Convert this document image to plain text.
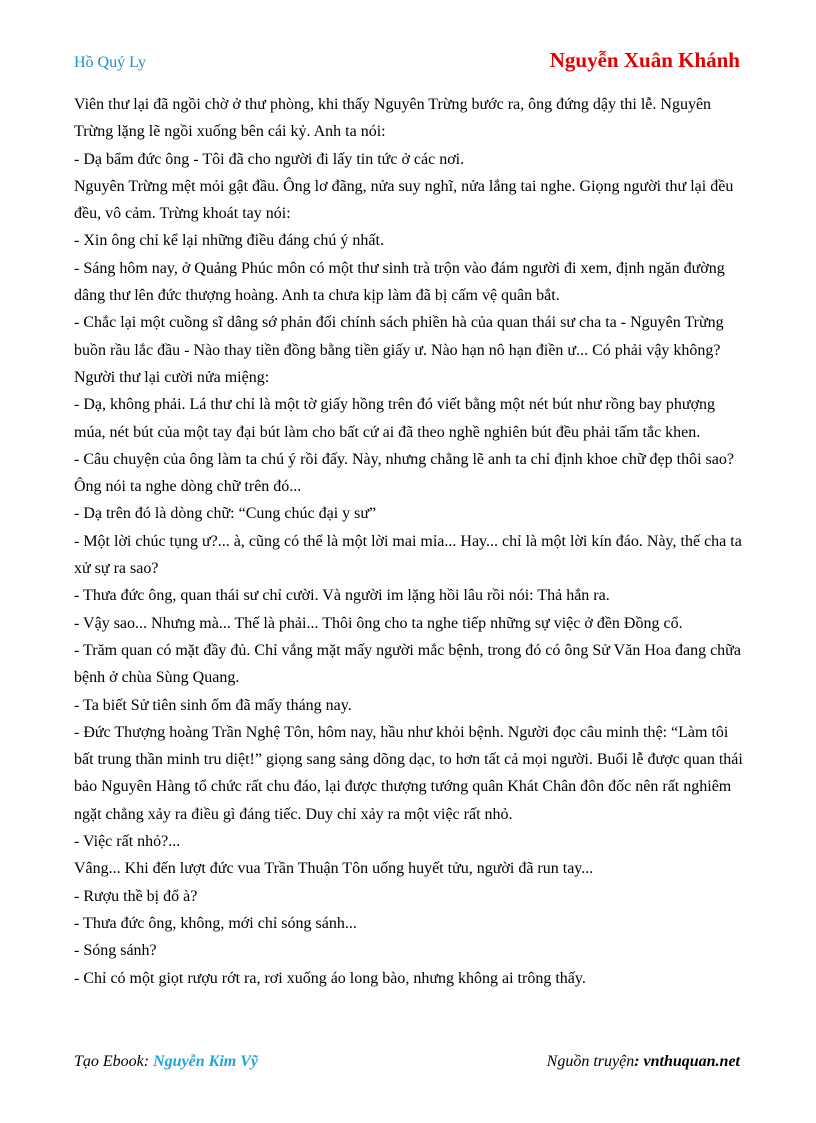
Hồ Quý Ly	Nguyễn Xuân Khánh

Viên thư lại đã ngồi chờ ở thư phòng, khi thấy Nguyên Trừng bước ra, ông đứng dậy thi lễ. Nguyên Trừng lặng lẽ ngồi xuống bên cái kỷ. Anh ta nói:

- Dạ bẩm đức ông - Tôi đã cho người đi lấy tin tức ở các nơi.

Nguyên Trừng mệt mỏi gật đầu. Ông lơ đãng, nửa suy nghĩ, nửa lắng tai nghe. Giọng người thư lại đều đều, vô cảm. Trừng khoát tay nói:

- Xin ông chỉ kể lại những điều đáng chú ý nhất.

- Sáng hôm nay, ở Quảng Phúc môn có một thư sinh trà trộn vào đám người đi xem, định ngăn đường dâng thư lên đức thượng hoàng. Anh ta chưa kịp làm đã bị cấm vệ quân bắt.

- Chắc lại một cuồng sĩ dâng sớ phản đối chính sách phiền hà của quan thái sư cha ta - Nguyên Trừng buồn rầu lắc đầu - Nào thay tiền đồng bằng tiền giấy ư. Nào hạn nô hạn điền ư... Có phải vậy không?

Người thư lại cười nửa miệng:

- Dạ, không phải. Lá thư chỉ là một tờ giấy hồng trên đó viết bằng một nét bút như rồng bay phượng múa, nét bút của một tay đại bút làm cho bất cứ ai đã theo nghề nghiên bút đều phải tấm tắc khen.

- Câu chuyện của ông làm ta chú ý rồi đấy. Này, nhưng chẳng lẽ anh ta chỉ định khoe chữ đẹp thôi sao? Ông nói ta nghe dòng chữ trên đó...

- Dạ trên đó là dòng chữ: “Cung chúc đại y sư”

- Một lời chúc tụng ư?... à, cũng có thể là một lời mai mỉa... Hay... chỉ là một lời kín đáo. Này, thế cha ta xử sự ra sao?

- Thưa đức ông, quan thái sư chỉ cười. Và người im lặng hồi lâu rồi nói: Thả hắn ra.

- Vậy sao... Nhưng mà... Thế là phải... Thôi ông cho ta nghe tiếp những sự việc ở đền Đồng cổ.

- Trăm quan có mặt đầy đủ. Chỉ vắng mặt mấy người mắc bệnh, trong đó có ông Sử Văn Hoa đang chữa bệnh ở chùa Sùng Quang.

- Ta biết Sử tiên sinh ốm đã mấy tháng nay.

- Đức Thượng hoàng Trần Nghệ Tôn, hôm nay, hầu như khỏi bệnh. Người đọc câu minh thệ: “Làm tôi bất trung thần minh tru diệt!” giọng sang sảng dõng dạc, to hơn tất cả mọi người. Buổi lễ được quan thái bảo Nguyên Hàng tổ chức rất chu đáo, lại được thượng tướng quân Khát Chân đôn đốc nên rất nghiêm ngặt chẳng xảy ra điều gì đáng tiếc. Duy chỉ xảy ra một việc rất nhỏ.

- Việc rất nhỏ?...

Vâng... Khi đến lượt đức vua Trần Thuận Tôn uống huyết tửu, người đã run tay...

- Rượu thề bị đổ à?

- Thưa đức ông, không, mới chỉ sóng sánh...

- Sóng sánh?

- Chỉ có một giọt rượu rớt ra, rơi xuống áo long bào, nhưng không ai trông thấy.

Tạo Ebook: Nguyễn Kim Vỹ	Nguồn truyện: vnthuquan.net
